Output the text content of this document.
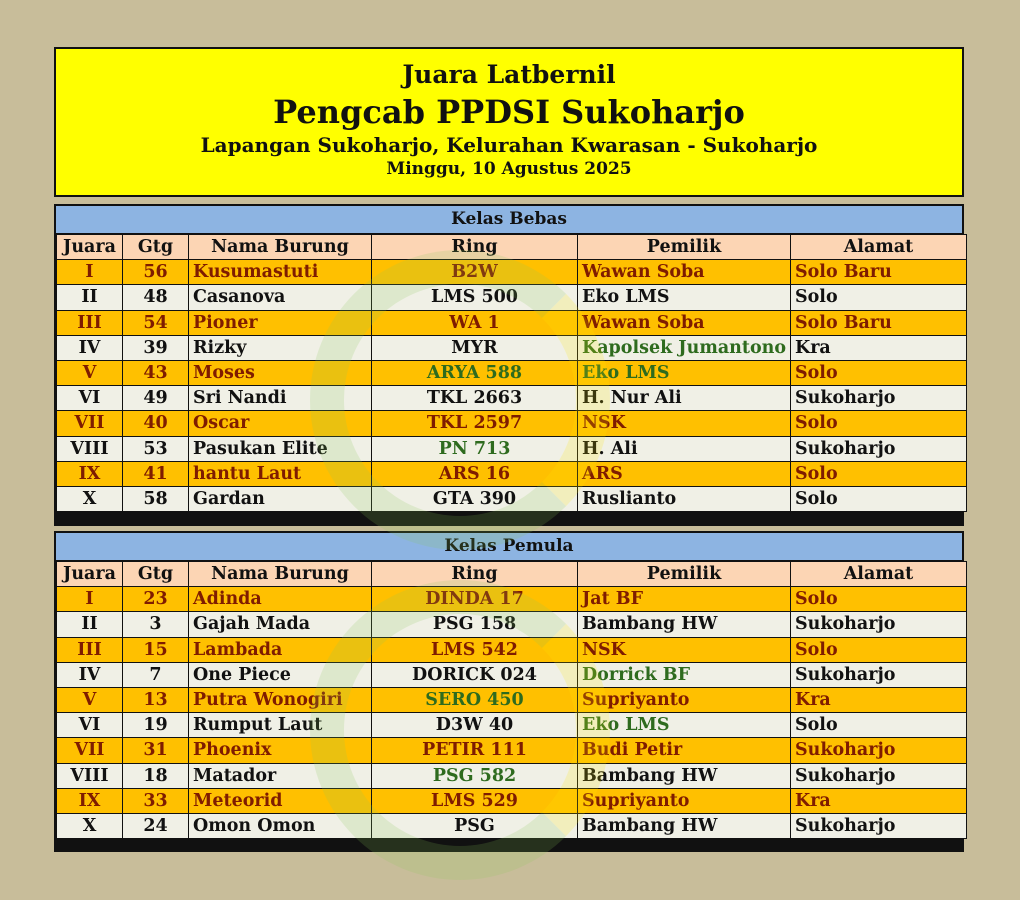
Juara Latbernil
Pengcab PPDSI Sukoharjo
Lapangan Sukoharjo, Kelurahan Kwarasan - Sukoharjo
Minggu, 10 Agustus 2025
Kelas Bebas
Juara	Gtg	Nama Burung	Ring	Pemilik	Alamat
I	56	Kusumastuti	B2W	Wawan Soba	Solo Baru
II	48	Casanova	LMS 500	Eko LMS	Solo
III	54	Pioner	WA 1	Wawan Soba	Solo Baru
IV	39	Rizky	MYR	Kapolsek Jumantono	Kra
V	43	Moses	ARYA 588	Eko LMS	Solo
VI	49	Sri Nandi	TKL 2663	H. Nur Ali	Sukoharjo
VII	40	Oscar	TKL 2597	NSK	Solo
VIII	53	Pasukan Elite	PN 713	H. Ali	Sukoharjo
IX	41	hantu Laut	ARS 16	ARS	Solo
X	58	Gardan	GTA 390	Ruslianto	Solo
Kelas Pemula
Juara	Gtg	Nama Burung	Ring	Pemilik	Alamat
I	23	Adinda	DINDA 17	Jat BF	Solo
II	3	Gajah Mada	PSG 158	Bambang HW	Sukoharjo
III	15	Lambada	LMS 542	NSK	Solo
IV	7	One Piece	DORICK 024	Dorrick BF	Sukoharjo
V	13	Putra Wonogiri	SERO 450	Supriyanto	Kra
VI	19	Rumput Laut	D3W 40	Eko LMS	Solo
VII	31	Phoenix	PETIR 111	Budi Petir	Sukoharjo
VIII	18	Matador	PSG 582	Bambang HW	Sukoharjo
IX	33	Meteorid	LMS 529	Supriyanto	Kra
X	24	Omon Omon	PSG	Bambang HW	Sukoharjo
